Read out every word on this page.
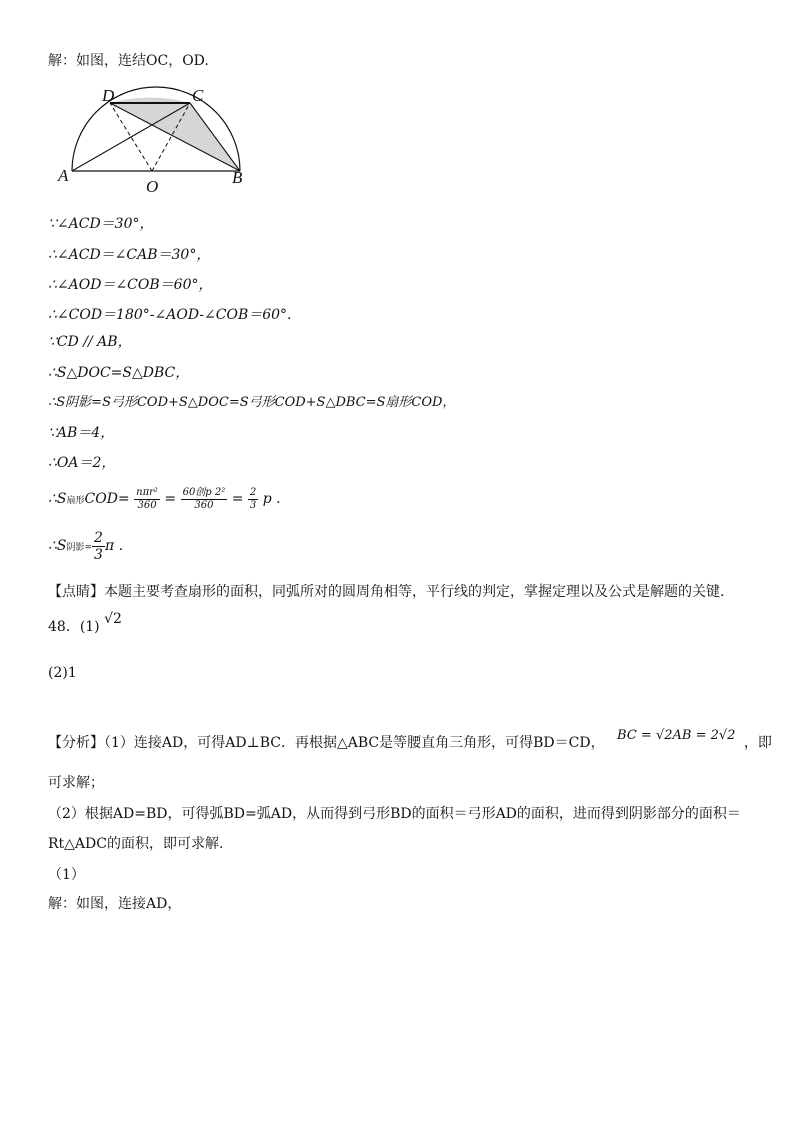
解：如图，连结OC，OD.
D	C
A
O	B
∵∠ACD＝30°，
∴∠ACD＝∠CAB＝30°，
∴∠AOD＝∠COB＝60°，
∴∠COD＝180°-∠AOD-∠COB＝60°.
∵CD // AB，
∴S△DOC=S△DBC，
∴S阴影=S弓形COD+S△DOC=S弓形COD+S△DBC=S扇形COD，
∵AB＝4，
∴OA＝2，
∴S扇形$COD= \frac{\text{nπr²}}{360} = \frac{\text{60创p 2²}}{360} = \frac{2}{3}$ p .
∴S阴影= $\frac{2}{3}$ π .
【点睛】本题主要考查扇形的面积，同弧所对的圆周角相等，平行线的判定，掌握定理以及公式是解题的关键.
48．(1) √2
(2)1
【分析】（1）连接AD，可得AD⊥BC．再根据△ABC是等腰直角三角形，可得BD＝CD， BC = √2AB = 2√2 ，即
可求解；
（2）根据AD=BD，可得弧BD=弧AD，从而得到弓形BD的面积＝弓形AD的面积，进而得到阴影部分的面积＝
Rt△ADC的面积，即可求解.
（1）
解：如图，连接AD，
